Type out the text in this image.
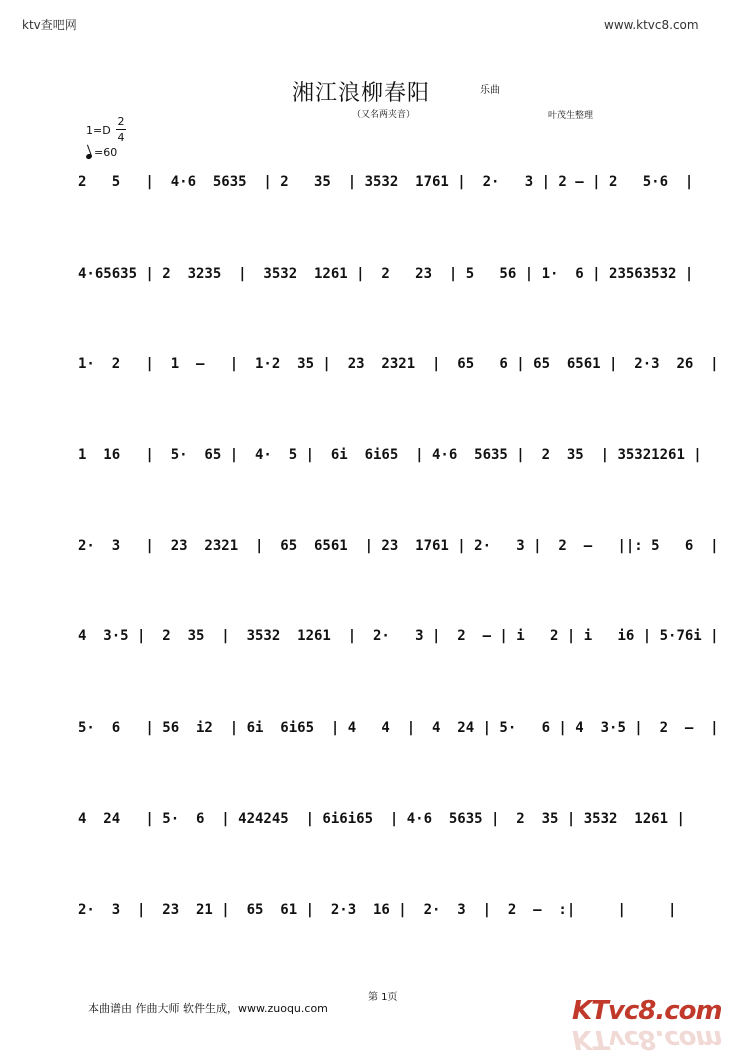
ktv查吧网	www.ktvc8.com
湘江浪柳春阳	乐曲
（又名两夹音）	叶茂生整理
1=D
2
4
=60
2   5   |  4·6  5635  | 2   35  | 3532  1761 |  2·   3 | 2 – | 2   5·6  |
4·65635 | 2  3235  |  3532  1261 |  2   23  | 5   56 | 1·  6 | 23563532 |
1·  2   |  1  –   |  1·2  35 |  23  2321  |  65   6 | 65  6561 |  2·3  26  |
1  16   |  5·  65 |  4·  5 |  6i  6i65  | 4·6  5635 |  2  35  | 35321261 |
2·  3   |  23  2321  |  65  6561  | 23  1761 | 2·   3 |  2  –   ||: 5   6  |
4  3·5 |  2  35  |  3532  1261  |  2·   3 |  2  – | i   2 | i   i6 | 5·76i |
5·  6   | 56  i2  | 6i  6i65  | 4   4  |  4  24 | 5·   6 | 4  3·5 |  2  –  |
4  24   | 5·  6  | 424245  | 6i6i65  | 4·6  5635 |  2  35 | 3532  1261 |
2·  3  |  23  21 |  65  61 |  2·3  16 |  2·  3  |  2  –  :|     |     |
第 1页
本曲谱由 作曲大师 软件生成，www.zuoqu.com	KTvc8.com
KTvc8.com
